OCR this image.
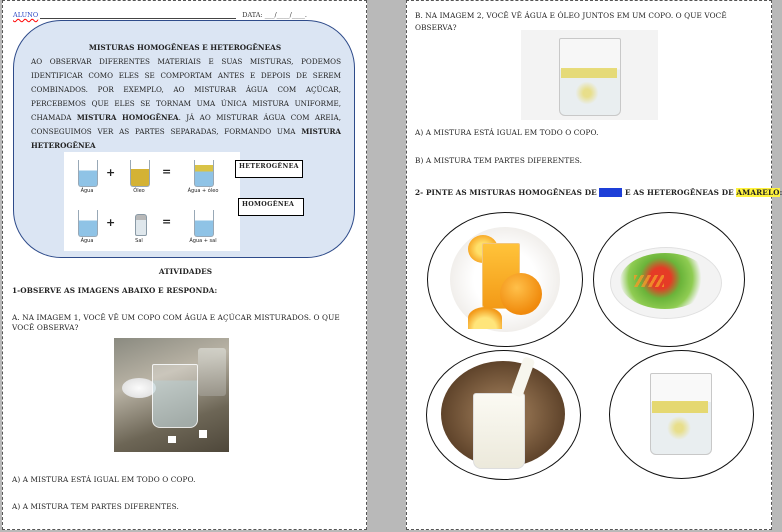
ALUNO	DATA: ___/____/____.
MISTURAS HOMOGÊNEAS E HETEROGÊNEAS
AO OBSERVAR DIFERENTES MATERIAIS E SUAS MISTURAS, PODEMOS IDENTIFICAR COMO ELES SE COMPORTAM ANTES E DEPOIS DE SEREM COMBINADOS. POR EXEMPLO, AO MISTURAR ÁGUA COM AÇÚCAR, PERCEBEMOS QUE ELES SE TORNAM UMA ÚNICA MISTURA UNIFORME, CHAMADA MISTURA HOMOGÊNEA. JÁ AO MISTURAR ÁGUA COM AREIA, CONSEGUIMOS VER AS PARTES SEPARADAS, FORMANDO UMA MISTURA HETEROGÊNEA
Água
+
Óleo
=
Água + óleo
Água
+
Sal
=
Água + sal
HETEROGÊNEA
HOMOGÊNEA
ATIVIDADES
1-OBSERVE AS IMAGENS ABAIXO E RESPONDA:
A. NA IMAGEM 1, VOCÊ VÊ UM COPO COM ÁGUA E AÇÚCAR MISTURADOS. O QUE VOCÊ OBSERVA?
A) A MISTURA ESTÁ IGUAL EM TODO O COPO.
A) A MISTURA TEM PARTES DIFERENTES.
B. NA IMAGEM 2, VOCÊ VÊ ÁGUA E ÓLEO JUNTOS EM UM COPO. O QUE VOCÊ OBSERVA?
A) A MISTURA ESTÁ IGUAL EM TODO O COPO.
B) A MISTURA TEM PARTES DIFERENTES.
2- PINTE AS MISTURAS HOMOGÊNEAS DE AZUL E AS HETEROGÊNEAS DE AMARELO
